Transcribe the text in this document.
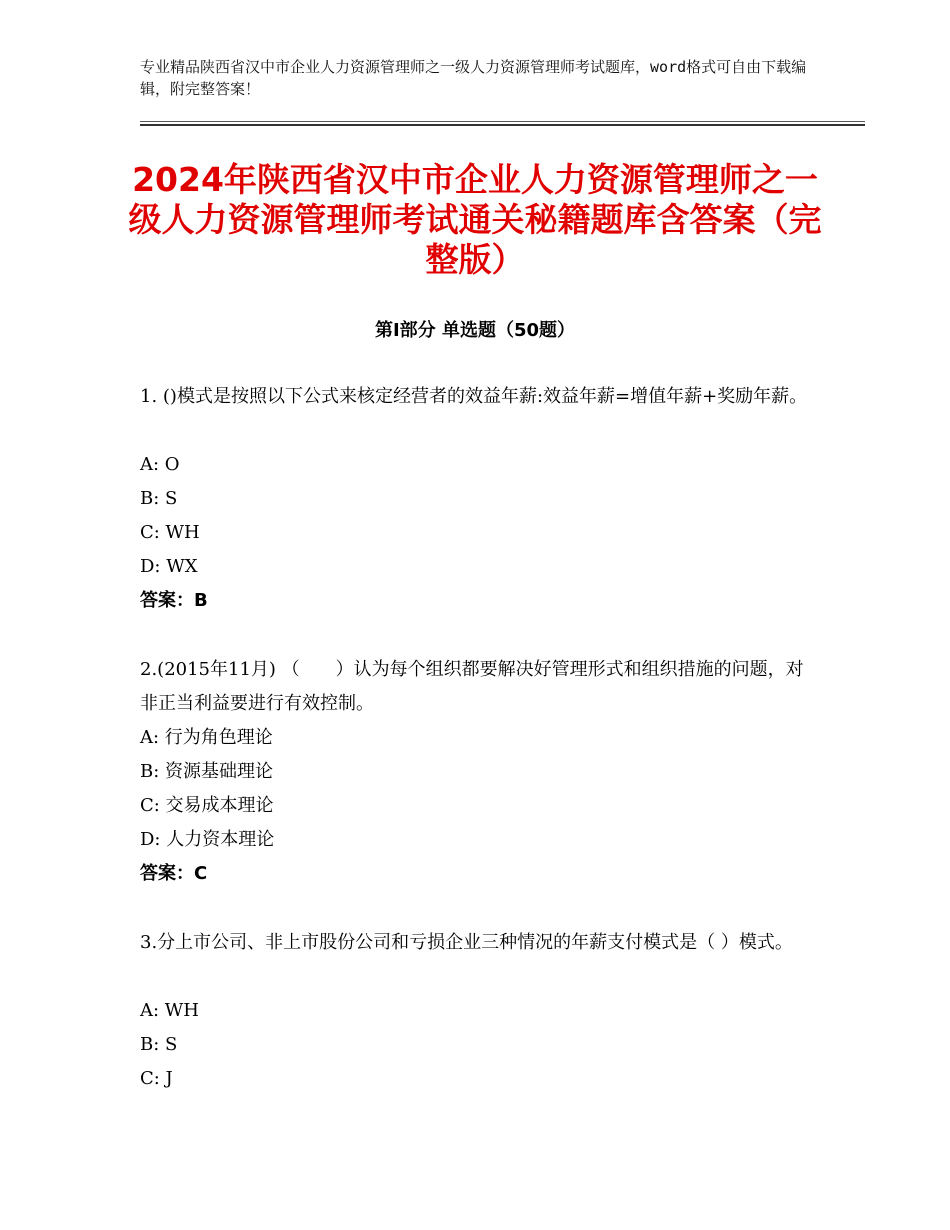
专业精品陕西省汉中市企业人力资源管理师之一级人力资源管理师考试题库，word格式可自由下载编辑，附完整答案！
2024年陕西省汉中市企业人力资源管理师之一级人力资源管理师考试通关秘籍题库含答案（完整版）
第Ⅰ部分 单选题（50题）
1. ()模式是按照以下公式来核定经营者的效益年薪:效益年薪=增值年薪+奖励年薪。
A: O
B: S
C: WH
D: WX
答案：B
2.(2015年11月) （　　）认为每个组织都要解决好管理形式和组织措施的问题，对非正当利益要进行有效控制。
A: 行为角色理论
B: 资源基础理论
C: 交易成本理论
D: 人力资本理论
答案：C
3.分上市公司、非上市股份公司和亏损企业三种情况的年薪支付模式是（ ）模式。
A: WH
B: S
C: J
